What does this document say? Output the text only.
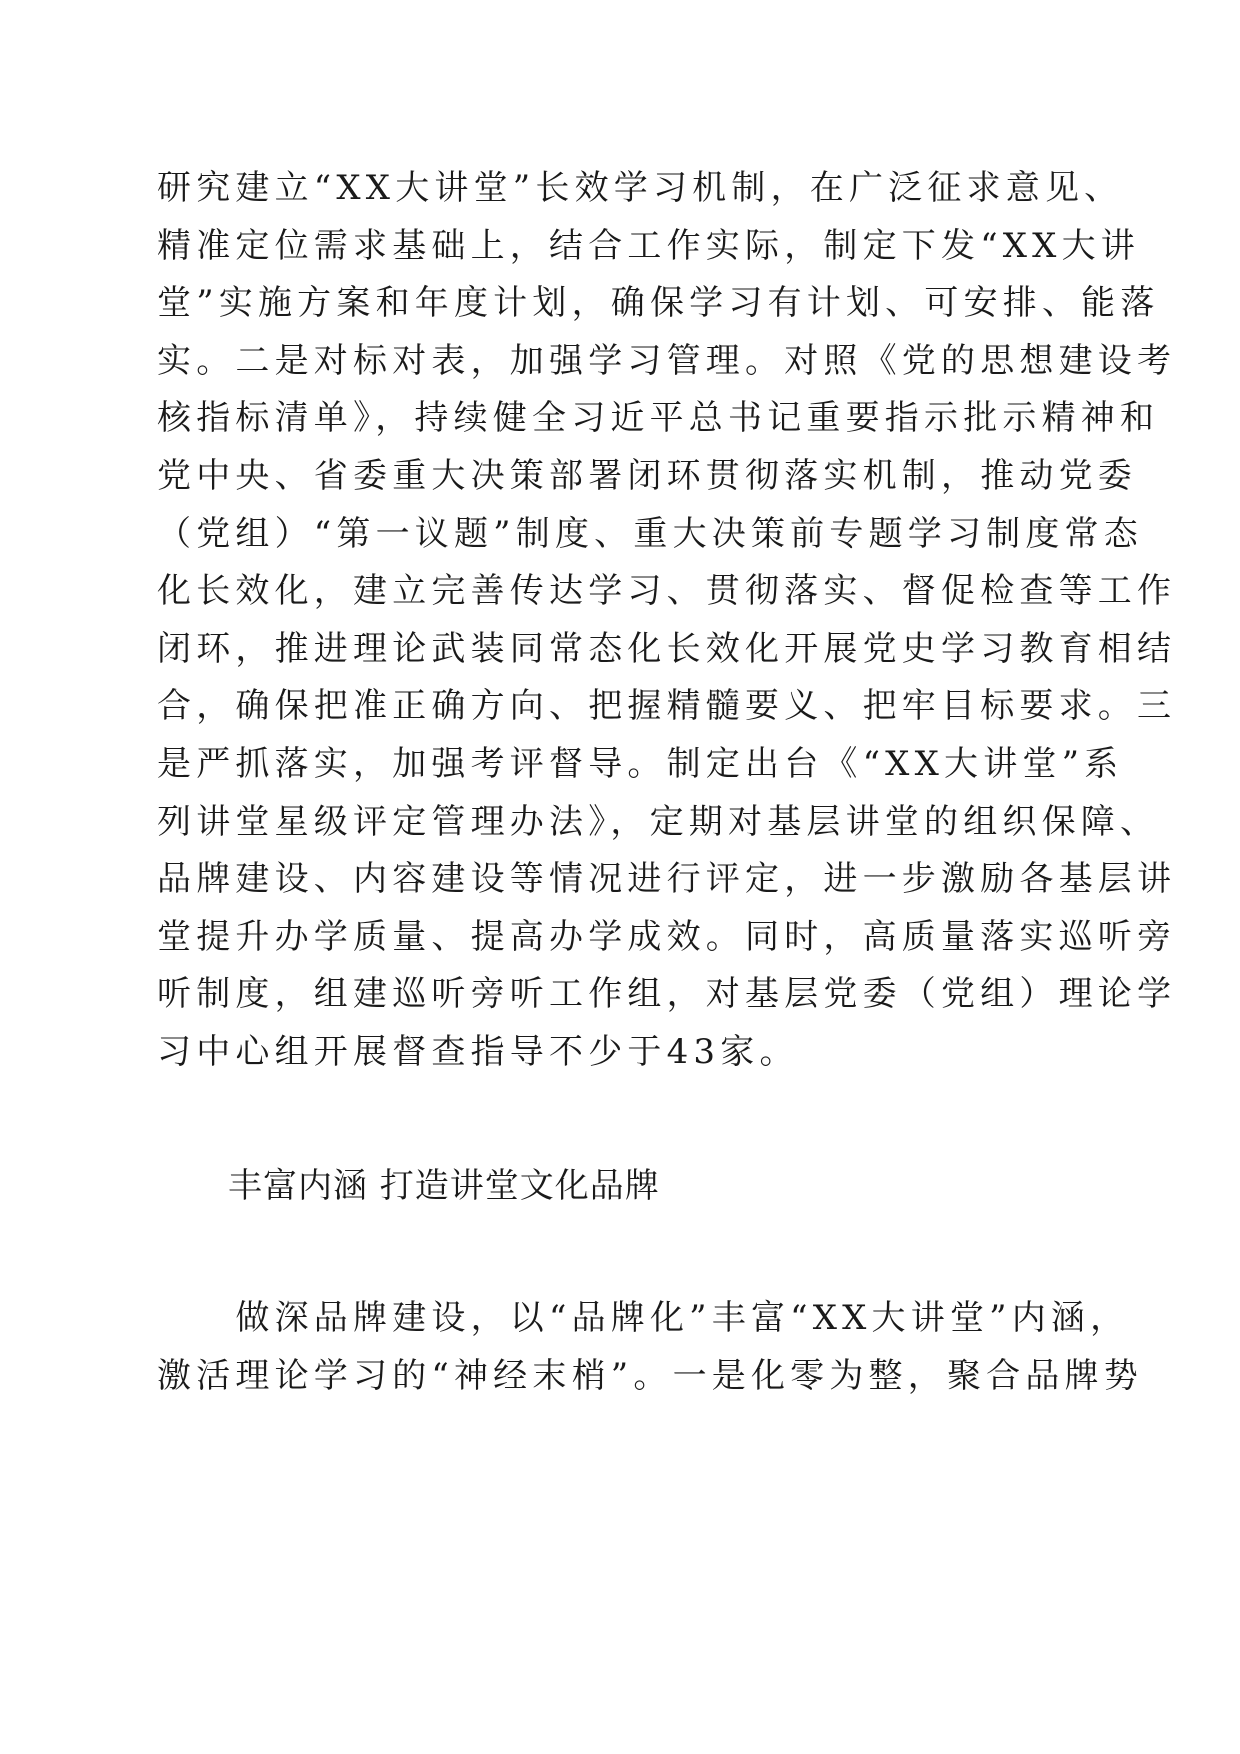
研究建立“XX大讲堂”长效学习机制，在广泛征求意见、
精准定位需求基础上，结合工作实际，制定下发“XX大讲
堂”实施方案和年度计划，确保学习有计划、可安排、能落
实。二是对标对表，加强学习管理。对照《党的思想建设考
核指标清单》，持续健全习近平总书记重要指示批示精神和
党中央、省委重大决策部署闭环贯彻落实机制，推动党委
（党组）“第一议题”制度、重大决策前专题学习制度常态
化长效化，建立完善传达学习、贯彻落实、督促检查等工作
闭环，推进理论武装同常态化长效化开展党史学习教育相结
合，确保把准正确方向、把握精髓要义、把牢目标要求。三
是严抓落实，加强考评督导。制定出台《“XX大讲堂”系
列讲堂星级评定管理办法》，定期对基层讲堂的组织保障、
品牌建设、内容建设等情况进行评定，进一步激励各基层讲
堂提升办学质量、提高办学成效。同时，高质量落实巡听旁
听制度，组建巡听旁听工作组，对基层党委（党组）理论学
习中心组开展督查指导不少于43家。
丰富内涵 打造讲堂文化品牌
　　做深品牌建设，以“品牌化”丰富“XX大讲堂”内涵，
激活理论学习的“神经末梢”。一是化零为整，聚合品牌势
